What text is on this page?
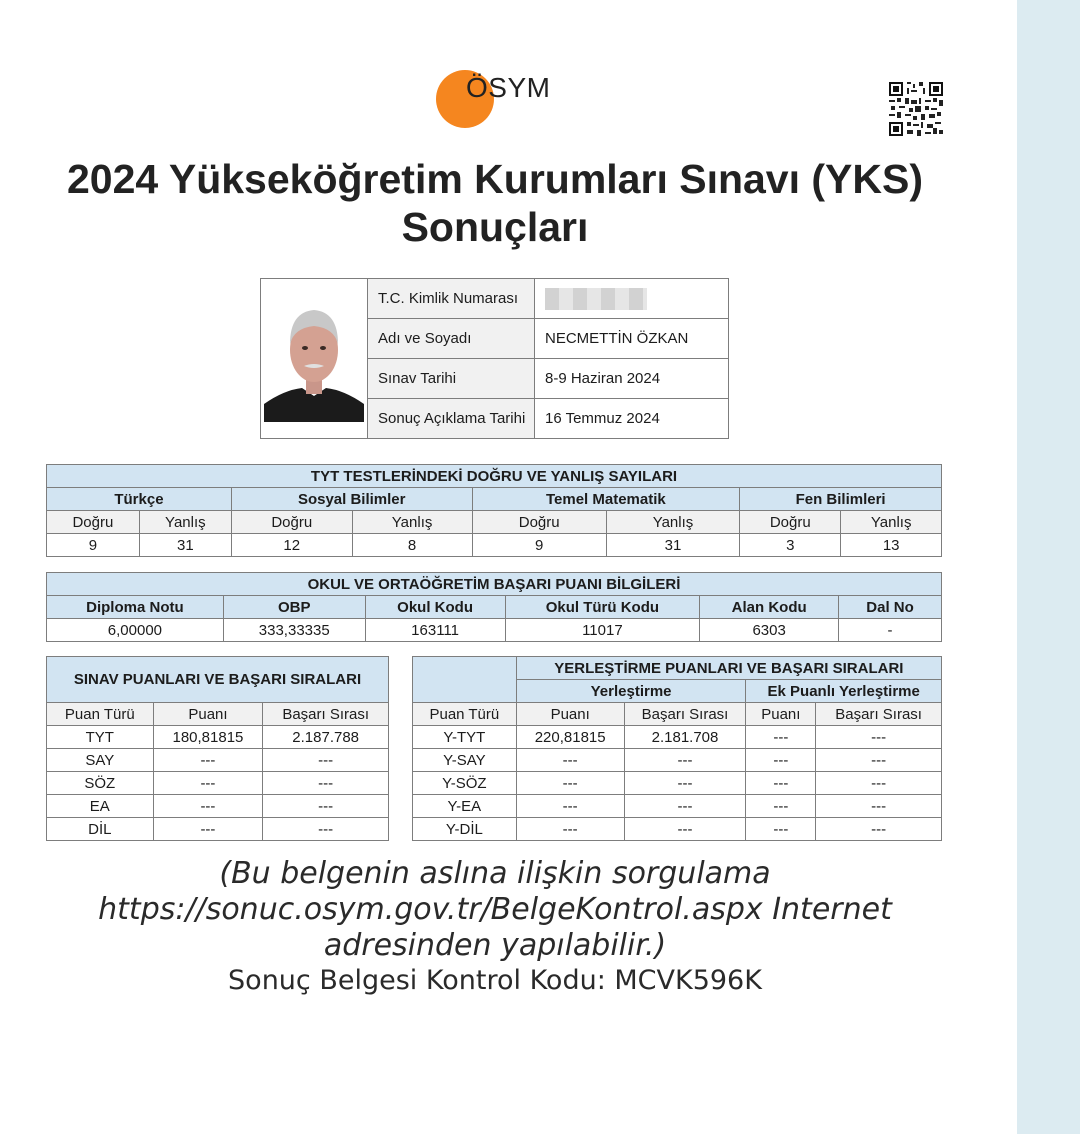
ÖSYM
2024 Yükseköğretim Kurumları Sınavı (YKS)
Sonuçları
	T.C. Kimlik Numarası	
	Adı ve Soyadı	NECMETTİN ÖZKAN
	Sınav Tarihi	8-9 Haziran 2024
	Sonuç Açıklama Tarihi	16 Temmuz 2024
TYT TESTLERİNDEKİ DOĞRU VE YANLIŞ SAYILARI							
Türkçe		Sosyal Bilimler		Temel Matematik		Fen Bilimleri	
Doğru	Yanlış	Doğru	Yanlış	Doğru	Yanlış	Doğru	Yanlış
9	31	12	8	9	31	3	13
OKUL VE ORTAÖĞRETİM BAŞARI PUANI BİLGİLERİ					
Diploma Notu	OBP	Okul Kodu	Okul Türü Kodu	Alan Kodu	Dal No
6,00000	333,33335	163111	11017	6303	-
SINAV PUANLARI VE BAŞARI SIRALARI		
Puan Türü	Puanı	Başarı Sırası
TYT	180,81815	2.187.788
SAY	---	---
SÖZ	---	---
EA	---	---
DİL	---	---
	YERLEŞTİRME PUANLARI VE BAŞARI SIRALARI			
	Yerleştirme		Ek Puanlı Yerleştirme	
Puan Türü	Puanı	Başarı Sırası	Puanı	Başarı Sırası
Y-TYT	220,81815	2.181.708	---	---
Y-SAY	---	---	---	---
Y-SÖZ	---	---	---	---
Y-EA	---	---	---	---
Y-DİL	---	---	---	---
(Bu belgenin aslına ilişkin sorgulama
https://sonuc.osym.gov.tr/BelgeKontrol.aspx Internet
adresinden yapılabilir.)
Sonuç Belgesi Kontrol Kodu: MCVK596K
